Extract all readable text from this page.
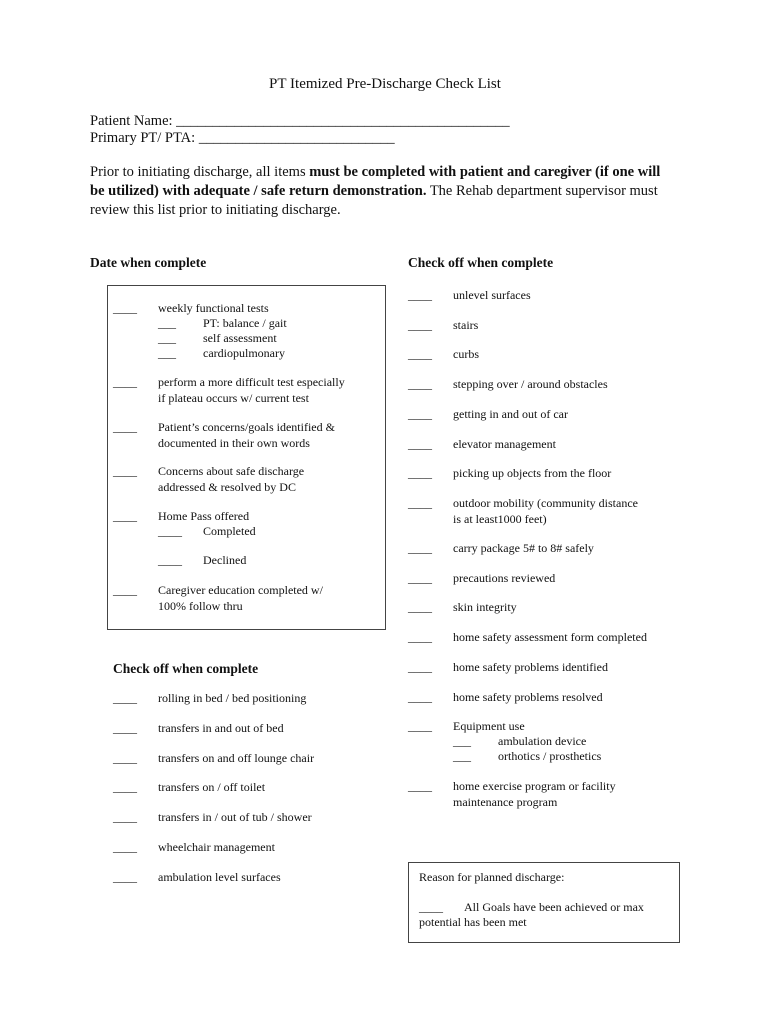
PT Itemized Pre-Discharge Check List
Patient Name: ______________________________________________
Primary PT/ PTA: ___________________________
Prior to initiating discharge, all items must be completed with patient and caregiver (if one will be utilized) with adequate / safe return demonstration. The Rehab department supervisor must review this list prior to initiating discharge.
Date when complete	Check off when complete
____ weekly functional tests
___ PT: balance / gait
___ self assessment
___ cardiopulmonary
____ perform a more difficult test especially
if plateau occurs w/ current test
____ Patient’s concerns/goals identified &
documented in their own words
____ Concerns about safe discharge
addressed & resolved by DC
____ Home Pass offered
____ Completed
____ Declined
____ Caregiver education completed w/
100% follow thru
Check off when complete
____ rolling in bed / bed positioning
____ transfers in and out of bed
____ transfers on and off lounge chair
____ transfers on / off toilet
____ transfers in / out of tub / shower
____ wheelchair management
____ ambulation level surfaces
____ unlevel surfaces
____ stairs
____ curbs
____ stepping over / around obstacles
____ getting in and out of car
____ elevator management
____ picking up objects from the floor
____ outdoor mobility (community distance
is at least1000 feet)
____ carry package 5# to 8# safely
____ precautions reviewed
____ skin integrity
____ home safety assessment form completed
____ home safety problems identified
____ home safety problems resolved
____ Equipment use
___ ambulation device
___ orthotics / prosthetics
____ home exercise program or facility
maintenance program
Reason for planned discharge:
____ All Goals have been achieved or max
potential has been met
